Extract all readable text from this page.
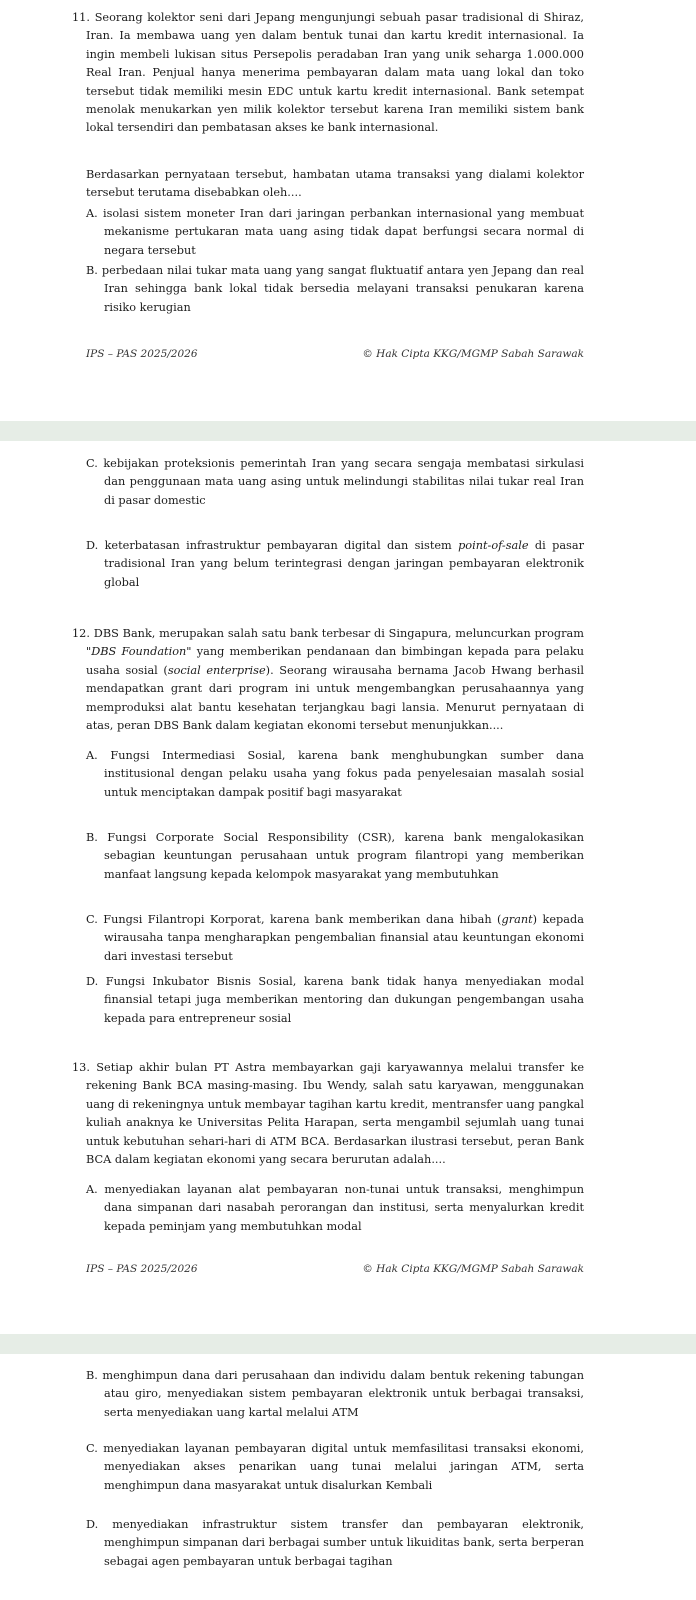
11. Seorang kolektor seni dari Jepang mengunjungi sebuah pasar tradisional di Shiraz, Iran. Ia membawa uang yen dalam bentuk tunai dan kartu kredit internasional. Ia ingin membeli lukisan situs Persepolis peradaban Iran yang unik seharga 1.000.000 Real Iran. Penjual hanya menerima pembayaran dalam mata uang lokal dan toko tersebut tidak memiliki mesin EDC untuk kartu kredit internasional. Bank setempat menolak menukarkan yen milik kolektor tersebut karena Iran memiliki sistem bank lokal tersendiri dan pembatasan akses ke bank internasional.

Berdasarkan pernyataan tersebut, hambatan utama transaksi yang dialami kolektor tersebut terutama disebabkan oleh....

A. isolasi sistem moneter Iran dari jaringan perbankan internasional yang membuat mekanisme pertukaran mata uang asing tidak dapat berfungsi secara normal di negara tersebut

B. perbedaan nilai tukar mata uang yang sangat fluktuatif antara yen Jepang dan real Iran sehingga bank lokal tidak bersedia melayani transaksi penukaran karena risiko kerugian

IPS – PAS 2025/2026	© Hak Cipta KKG/MGMP Sabah Sarawak

C. kebijakan proteksionis pemerintah Iran yang secara sengaja membatasi sirkulasi dan penggunaan mata uang asing untuk melindungi stabilitas nilai tukar real Iran di pasar domestic

D. keterbatasan infrastruktur pembayaran digital dan sistem point-of-sale di pasar tradisional Iran yang belum terintegrasi dengan jaringan pembayaran elektronik global

12. DBS Bank, merupakan salah satu bank terbesar di Singapura, meluncurkan program "DBS Foundation" yang memberikan pendanaan dan bimbingan kepada para pelaku usaha sosial (social enterprise). Seorang wirausaha bernama Jacob Hwang berhasil mendapatkan grant dari program ini untuk mengembangkan perusahaannya yang memproduksi alat bantu kesehatan terjangkau bagi lansia. Menurut pernyataan di atas, peran DBS Bank dalam kegiatan ekonomi tersebut menunjukkan....

A. Fungsi Intermediasi Sosial, karena bank menghubungkan sumber dana institusional dengan pelaku usaha yang fokus pada penyelesaian masalah sosial untuk menciptakan dampak positif bagi masyarakat

B. Fungsi Corporate Social Responsibility (CSR), karena bank mengalokasikan sebagian keuntungan perusahaan untuk program filantropi yang memberikan manfaat langsung kepada kelompok masyarakat yang membutuhkan

C. Fungsi Filantropi Korporat, karena bank memberikan dana hibah (grant) kepada wirausaha tanpa mengharapkan pengembalian finansial atau keuntungan ekonomi dari investasi tersebut

D. Fungsi Inkubator Bisnis Sosial, karena bank tidak hanya menyediakan modal finansial tetapi juga memberikan mentoring dan dukungan pengembangan usaha kepada para entrepreneur sosial

13. Setiap akhir bulan PT Astra membayarkan gaji karyawannya melalui transfer ke rekening Bank BCA masing-masing. Ibu Wendy, salah satu karyawan, menggunakan uang di rekeningnya untuk membayar tagihan kartu kredit, mentransfer uang pangkal kuliah anaknya ke Universitas Pelita Harapan, serta mengambil sejumlah uang tunai untuk kebutuhan sehari-hari di ATM BCA. Berdasarkan ilustrasi tersebut, peran Bank BCA dalam kegiatan ekonomi yang secara berurutan adalah....

A. menyediakan layanan alat pembayaran non-tunai untuk transaksi, menghimpun dana simpanan dari nasabah perorangan dan institusi, serta menyalurkan kredit kepada peminjam yang membutuhkan modal

IPS – PAS 2025/2026	© Hak Cipta KKG/MGMP Sabah Sarawak

B. menghimpun dana dari perusahaan dan individu dalam bentuk rekening tabungan atau giro, menyediakan sistem pembayaran elektronik untuk berbagai transaksi, serta menyediakan uang kartal melalui ATM

C. menyediakan layanan pembayaran digital untuk memfasilitasi transaksi ekonomi, menyediakan akses penarikan uang tunai melalui jaringan ATM, serta menghimpun dana masyarakat untuk disalurkan Kembali

D. menyediakan infrastruktur sistem transfer dan pembayaran elektronik, menghimpun simpanan dari berbagai sumber untuk likuiditas bank, serta berperan sebagai agen pembayaran untuk berbagai tagihan
